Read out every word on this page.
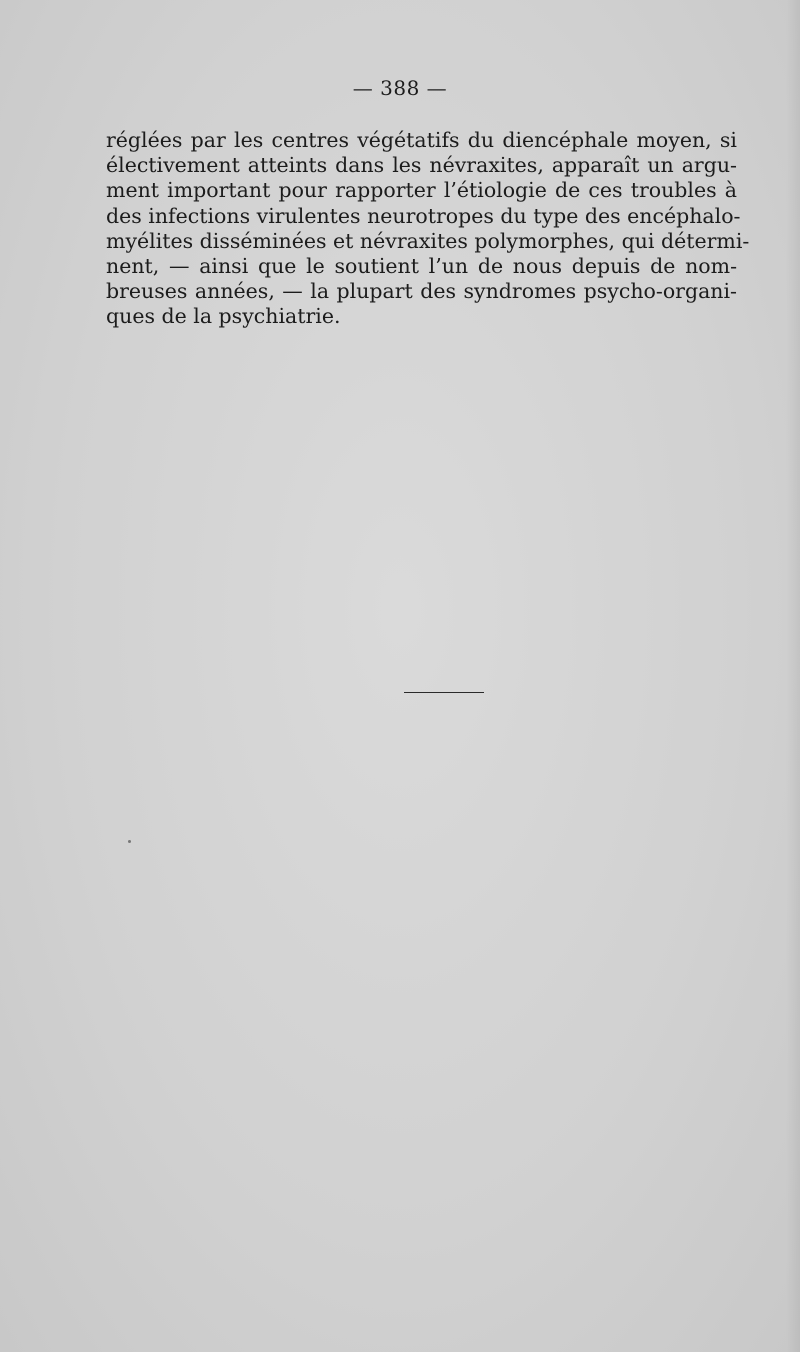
— 388 —
réglées par les centres végétatifs du diencéphale moyen, si
électivement atteints dans les névraxites, apparaît un argu-
ment important pour rapporter l’étiologie de ces troubles à
des infections virulentes neurotropes du type des encéphalo-
myélites disséminées et névraxites polymorphes, qui détermi-
nent, — ainsi que le soutient l’un de nous depuis de nom-
breuses années, — la plupart des syndromes psycho-organi-
ques de la psychiatrie.
